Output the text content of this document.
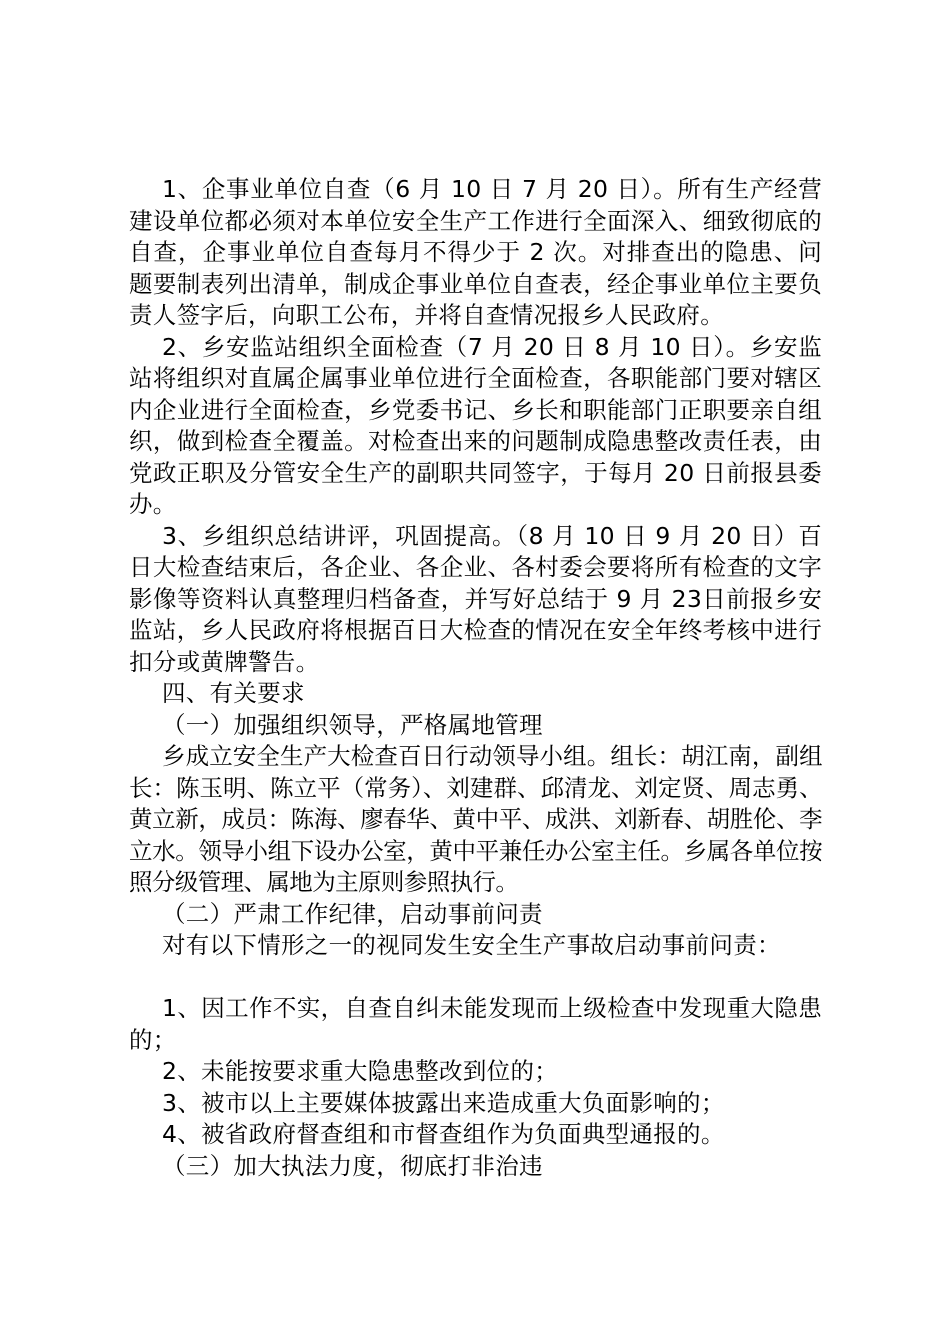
1、企事业单位自查（6 月 10 日 7 月 20 日）。所有生产经营建设单位都必须对本单位安全生产工作进行全面深入、细致彻底的自查，企事业单位自查每月不得少于 2 次。对排查出的隐患、问题要制表列出清单，制成企事业单位自查表，经企事业单位主要负责人签字后，向职工公布，并将自查情况报乡人民政府。

2、乡安监站组织全面检查（7 月 20 日 8 月 10 日）。乡安监站将组织对直属企属事业单位进行全面检查，各职能部门要对辖区内企业进行全面检查，乡党委书记、乡长和职能部门正职要亲自组织，做到检查全覆盖。对检查出来的问题制成隐患整改责任表，由党政正职及分管安全生产的副职共同签字，于每月 20 日前报县委办。

3、乡组织总结讲评，巩固提高。（8 月 10 日 9 月 20 日）百日大检查结束后，各企业、各企业、各村委会要将所有检查的文字影像等资料认真整理归档备查，并写好总结于 9 月 23日前报乡安监站，乡人民政府将根据百日大检查的情况在安全年终考核中进行扣分或黄牌警告。

四、有关要求

（一）加强组织领导，严格属地管理

乡成立安全生产大检查百日行动领导小组。组长：胡江南，副组长：陈玉明、陈立平（常务）、刘建群、邱清龙、刘定贤、周志勇、黄立新，成员：陈海、廖春华、黄中平、成洪、刘新春、胡胜伦、李立水。领导小组下设办公室，黄中平兼任办公室主任。乡属各单位按照分级管理、属地为主原则参照执行。

（二）严肃工作纪律，启动事前问责

对有以下情形之一的视同发生安全生产事故启动事前问责：

1、因工作不实，自查自纠未能发现而上级检查中发现重大隐患的；

2、未能按要求重大隐患整改到位的；

3、被市以上主要媒体披露出来造成重大负面影响的；

4、被省政府督查组和市督查组作为负面典型通报的。

（三）加大执法力度，彻底打非治违
